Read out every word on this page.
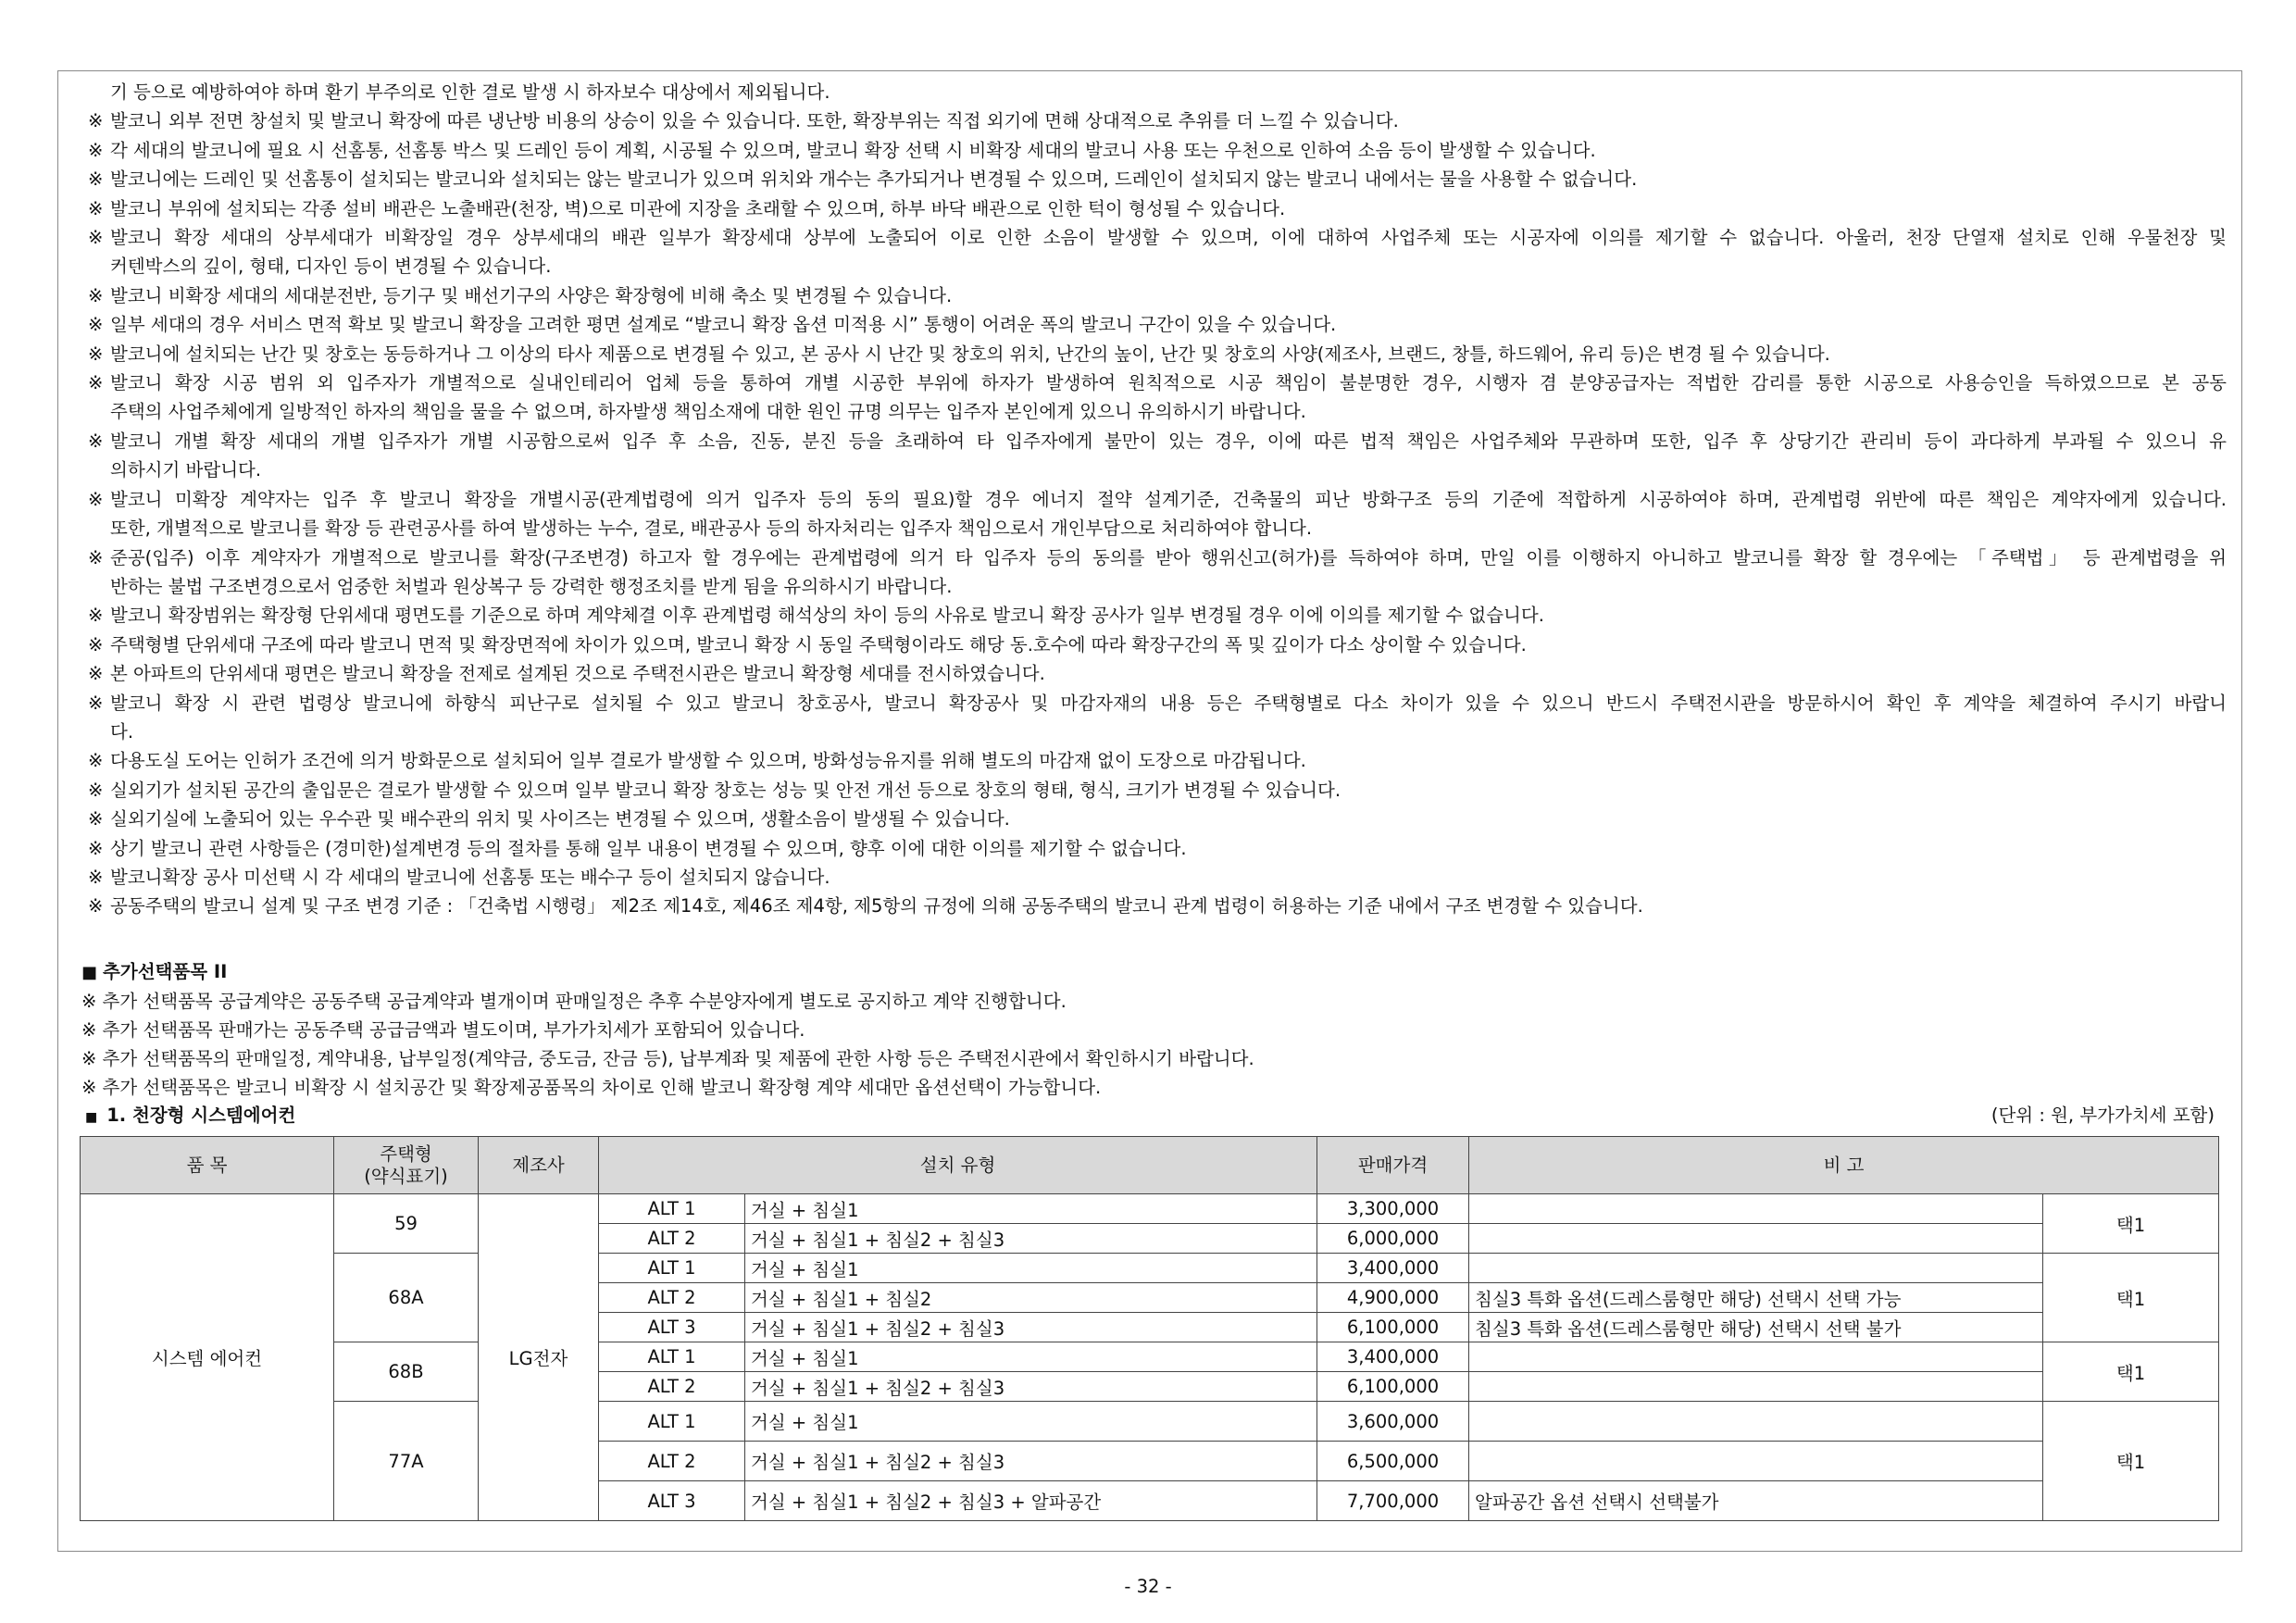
기 등으로 예방하여야 하며 환기 부주의로 인한 결로 발생 시 하자보수 대상에서 제외됩니다.
※ 발코니 외부 전면 창설치 및 발코니 확장에 따른 냉난방 비용의 상승이 있을 수 있습니다. 또한, 확장부위는 직접 외기에 면해 상대적으로 추위를 더 느낄 수 있습니다.
※ 각 세대의 발코니에 필요 시 선홈통, 선홈통 박스 및 드레인 등이 계획, 시공될 수 있으며, 발코니 확장 선택 시 비확장 세대의 발코니 사용 또는 우천으로 인하여 소음 등이 발생할 수 있습니다.
※ 발코니에는 드레인 및 선홈통이 설치되는 발코니와 설치되는 않는 발코니가 있으며 위치와 개수는 추가되거나 변경될 수 있으며, 드레인이 설치되지 않는 발코니 내에서는 물을 사용할 수 없습니다.
※ 발코니 부위에 설치되는 각종 설비 배관은 노출배관(천장, 벽)으로 미관에 지장을 초래할 수 있으며, 하부 바닥 배관으로 인한 턱이 형성될 수 있습니다.
※ 발코니 확장 세대의 상부세대가 비확장일 경우 상부세대의 배관 일부가 확장세대 상부에 노출되어 이로 인한 소음이 발생할 수 있으며, 이에 대하여 사업주체 또는 시공자에 이의를 제기할 수 없습니다. 아울러, 천장 단열재 설치로 인해 우물천장 및
커텐박스의 깊이, 형태, 디자인 등이 변경될 수 있습니다.
※ 발코니 비확장 세대의 세대분전반, 등기구 및 배선기구의 사양은 확장형에 비해 축소 및 변경될 수 있습니다.
※ 일부 세대의 경우 서비스 면적 확보 및 발코니 확장을 고려한 평면 설계로 “발코니 확장 옵션 미적용 시” 통행이 어려운 폭의 발코니 구간이 있을 수 있습니다.
※ 발코니에 설치되는 난간 및 창호는 동등하거나 그 이상의 타사 제품으로 변경될 수 있고, 본 공사 시 난간 및 창호의 위치, 난간의 높이, 난간 및 창호의 사양(제조사, 브랜드, 창틀, 하드웨어, 유리 등)은 변경 될 수 있습니다.
※ 발코니 확장 시공 범위 외 입주자가 개별적으로 실내인테리어 업체 등을 통하여 개별 시공한 부위에 하자가 발생하여 원칙적으로 시공 책임이 불분명한 경우, 시행자 겸 분양공급자는 적법한 감리를 통한 시공으로 사용승인을 득하였으므로 본 공동
주택의 사업주체에게 일방적인 하자의 책임을 물을 수 없으며, 하자발생 책임소재에 대한 원인 규명 의무는 입주자 본인에게 있으니 유의하시기 바랍니다.
※ 발코니 개별 확장 세대의 개별 입주자가 개별 시공함으로써 입주 후 소음, 진동, 분진 등을 초래하여 타 입주자에게 불만이 있는 경우, 이에 따른 법적 책임은 사업주체와 무관하며 또한, 입주 후 상당기간 관리비 등이 과다하게 부과될 수 있으니 유
의하시기 바랍니다.
※ 발코니 미확장 계약자는 입주 후 발코니 확장을 개별시공(관계법령에 의거 입주자 등의 동의 필요)할 경우 에너지 절약 설계기준, 건축물의 피난 방화구조 등의 기준에 적합하게 시공하여야 하며, 관계법령 위반에 따른 책임은 계약자에게 있습니다.
또한, 개별적으로 발코니를 확장 등 관련공사를 하여 발생하는 누수, 결로, 배관공사 등의 하자처리는 입주자 책임으로서 개인부담으로 처리하여야 합니다.
※ 준공(입주) 이후 계약자가 개별적으로 발코니를 확장(구조변경) 하고자 할 경우에는 관계법령에 의거 타 입주자 등의 동의를 받아 행위신고(허가)를 득하여야 하며, 만일 이를 이행하지 아니하고 발코니를 확장 할 경우에는 「주택법」 등 관계법령을 위
반하는 불법 구조변경으로서 엄중한 처벌과 원상복구 등 강력한 행정조치를 받게 됨을 유의하시기 바랍니다.
※ 발코니 확장범위는 확장형 단위세대 평면도를 기준으로 하며 계약체결 이후 관계법령 해석상의 차이 등의 사유로 발코니 확장 공사가 일부 변경될 경우 이에 이의를 제기할 수 없습니다.
※ 주택형별 단위세대 구조에 따라 발코니 면적 및 확장면적에 차이가 있으며, 발코니 확장 시 동일 주택형이라도 해당 동.호수에 따라 확장구간의 폭 및 깊이가 다소 상이할 수 있습니다.
※ 본 아파트의 단위세대 평면은 발코니 확장을 전제로 설계된 것으로 주택전시관은 발코니 확장형 세대를 전시하였습니다.
※ 발코니 확장 시 관련 법령상 발코니에 하향식 피난구로 설치될 수 있고 발코니 창호공사, 발코니 확장공사 및 마감자재의 내용 등은 주택형별로 다소 차이가 있을 수 있으니 반드시 주택전시관을 방문하시어 확인 후 계약을 체결하여 주시기 바랍니
다.
※ 다용도실 도어는 인허가 조건에 의거 방화문으로 설치되어 일부 결로가 발생할 수 있으며, 방화성능유지를 위해 별도의 마감재 없이 도장으로 마감됩니다.
※ 실외기가 설치된 공간의 출입문은 결로가 발생할 수 있으며 일부 발코니 확장 창호는 성능 및 안전 개선 등으로 창호의 형태, 형식, 크기가 변경될 수 있습니다.
※ 실외기실에 노출되어 있는 우수관 및 배수관의 위치 및 사이즈는 변경될 수 있으며, 생활소음이 발생될 수 있습니다.
※ 상기 발코니 관련 사항들은 (경미한)설계변경 등의 절차를 통해 일부 내용이 변경될 수 있으며, 향후 이에 대한 이의를 제기할 수 없습니다.
※ 발코니확장 공사 미선택 시 각 세대의 발코니에 선홈통 또는 배수구 등이 설치되지 않습니다.
※ 공동주택의 발코니 설계 및 구조 변경 기준 : 「건축법 시행령」 제2조 제14호, 제46조 제4항, 제5항의 규정에 의해 공동주택의 발코니 관계 법령이 허용하는 기준 내에서 구조 변경할 수 있습니다.
■ 추가선택품목 II
※ 추가 선택품목 공급계약은 공동주택 공급계약과 별개이며 판매일정은 추후 수분양자에게 별도로 공지하고 계약 진행합니다.
※ 추가 선택품목 판매가는 공동주택 공급금액과 별도이며, 부가가치세가 포함되어 있습니다.
※ 추가 선택품목의 판매일정, 계약내용, 납부일정(계약금, 중도금, 잔금 등), 납부계좌 및 제품에 관한 사항 등은 주택전시관에서 확인하시기 바랍니다.
※ 추가 선택품목은 발코니 비확장 시 설치공간 및 확장제공품목의 차이로 인해 발코니 확장형 계약 세대만 옵션선택이 가능합니다.
■ 1. 천장형 시스템에어컨	(단위 : 원, 부가가치세 포함)
품 목	주택형
(약식표기)	제조사	설치 유형		판매가격	비 고	
시스템 에어컨	59	LG전자	ALT 1	거실 + 침실1	3,300,000		택1
			ALT 2	거실 + 침실1 + 침실2 + 침실3	6,000,000		
	68A		ALT 1	거실 + 침실1	3,400,000		택1
			ALT 2	거실 + 침실1 + 침실2	4,900,000	침실3 특화 옵션(드레스룸형만 해당) 선택시 선택 가능	
			ALT 3	거실 + 침실1 + 침실2 + 침실3	6,100,000	침실3 특화 옵션(드레스룸형만 해당) 선택시 선택 불가	
	68B		ALT 1	거실 + 침실1	3,400,000		택1
			ALT 2	거실 + 침실1 + 침실2 + 침실3	6,100,000		
	77A		ALT 1	거실 + 침실1	3,600,000		택1
			ALT 2	거실 + 침실1 + 침실2 + 침실3	6,500,000		
			ALT 3	거실 + 침실1 + 침실2 + 침실3 + 알파공간	7,700,000	알파공간 옵션 선택시 선택불가	
- 32 -
